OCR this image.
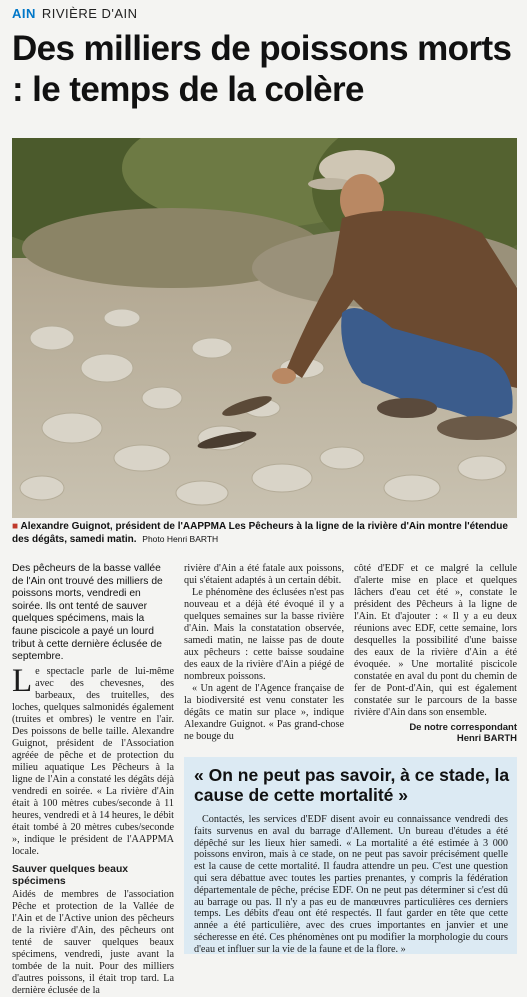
AIN RIVIÈRE D'AIN
Des milliers de poissons morts : le temps de la colère
■ Alexandre Guignot, président de l'AAPPMA Les Pêcheurs à la ligne de la rivière d'Ain montre l'étendue des dégâts, samedi matin. Photo Henri BARTH
Des pêcheurs de la basse vallée de l'Ain ont trouvé des milliers de poissons morts, vendredi en soirée. Ils ont tenté de sauver quelques spécimens, mais la faune piscicole a payé un lourd tribut à cette dernière éclusée de septembre.

Le spectacle parle de lui-même avec des chevesnes, des barbeaux, des truitelles, des loches, quelques salmonidés également (truites et ombres) le ventre en l'air. Des poissons de belle taille. Alexandre Guignot, président de l'Association agréée de pêche et de protection du milieu aquatique Les Pêcheurs à la ligne de l'Ain a constaté les dégâts déjà vendredi en soirée. « La rivière d'Ain était à 100 mètres cubes/seconde à 11 heures, vendredi et à 14 heures, le débit était tombé à 20 mètres cubes/seconde », indique le président de l'AAPPMA locale.

Sauver quelques beaux spécimens

Aidés de membres de l'association Pêche et protection de la Vallée de l'Ain et de l'Active union des pêcheurs de la rivière d'Ain, des pêcheurs ont tenté de sauver quelques beaux spécimens, vendredi, juste avant la tombée de la nuit. Pour des milliers d'autres poissons, il était trop tard. La dernière éclusée de la

rivière d'Ain a été fatale aux poissons, qui s'étaient adaptés à un certain débit.

Le phénomène des éclusées n'est pas nouveau et a déjà été évoqué il y a quelques semaines sur la basse rivière d'Ain. Mais la constatation observée, samedi matin, ne laisse pas de doute aux pêcheurs : cette baisse soudaine des eaux de la rivière d'Ain a piégé de nombreux poissons.

« Un agent de l'Agence française de la biodiversité est venu constater les dégâts ce matin sur place », indique Alexandre Guignot. « Pas grand-chose ne bouge du

côté d'EDF et ce malgré la cellule d'alerte mise en place et quelques lâchers d'eau cet été », constate le président des Pêcheurs à la ligne de l'Ain. Et d'ajouter : « Il y a eu deux réunions avec EDF, cette semaine, lors desquelles la possibilité d'une baisse des eaux de la rivière d'Ain a été évoquée. » Une mortalité piscicole constatée en aval du pont du chemin de fer de Pont-d'Ain, qui est également constatée sur le parcours de la basse rivière d'Ain dans son ensemble.

De notre correspondant

Henri BARTH

« On ne peut pas savoir, à ce stade, la cause de cette mortalité »

Contactés, les services d'EDF disent avoir eu connaissance vendredi des faits survenus en aval du barrage d'Allement. Un bureau d'études a été dépêché sur les lieux hier samedi. « La mortalité a été estimée à 3 000 poissons environ, mais à ce stade, on ne peut pas savoir précisément quelle est la cause de cette mortalité. Il faudra attendre un peu. C'est une question qui sera débattue avec toutes les parties prenantes, y compris la fédération départementale de pêche, précise EDF. On ne peut pas déterminer si c'est dû au barrage ou pas. Il n'y a pas eu de manœuvres particulières ces derniers temps. Les débits d'eau ont été respectés. Il faut garder en tête que cette année a été particulière, avec des crues importantes en janvier et une sécheresse en été. Ces phénomènes ont pu modifier la morphologie du cours d'eau et influer sur la vie de la faune et de la flore. »
